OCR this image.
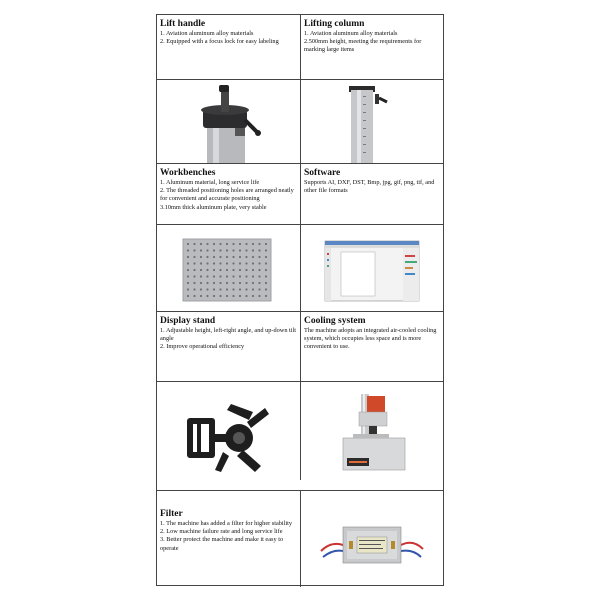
Lift handle
1. Aviation aluminum alloy materials
2. Equipped with a focus lock for easy labeling
Lifting column
1. Aviation aluminum alloy materials
2.500mm height, meeting the requirements for marking large items
Workbenches
1. Aluminum material, long service life
2. The threaded positioning holes are arranged neatly for convenient and accurate positioning
3.10mm thick aluminum plate, very stable
Software
Supports AI, DXF, DST, Bmp, jpg, gif, png, tif, and other file formats
Display stand
1. Adjustable height, left-right angle, and up-down tilt angle
2. Improve operational efficiency
Cooling system
The machine adopts an integrated air-cooled cooling system, which occupies less space and is more convenient to use.
Filter
1. The machine has added a filter for higher stability
2. Low machine failure rate and long service life
3. Better protect the machine and make it easy to operate
